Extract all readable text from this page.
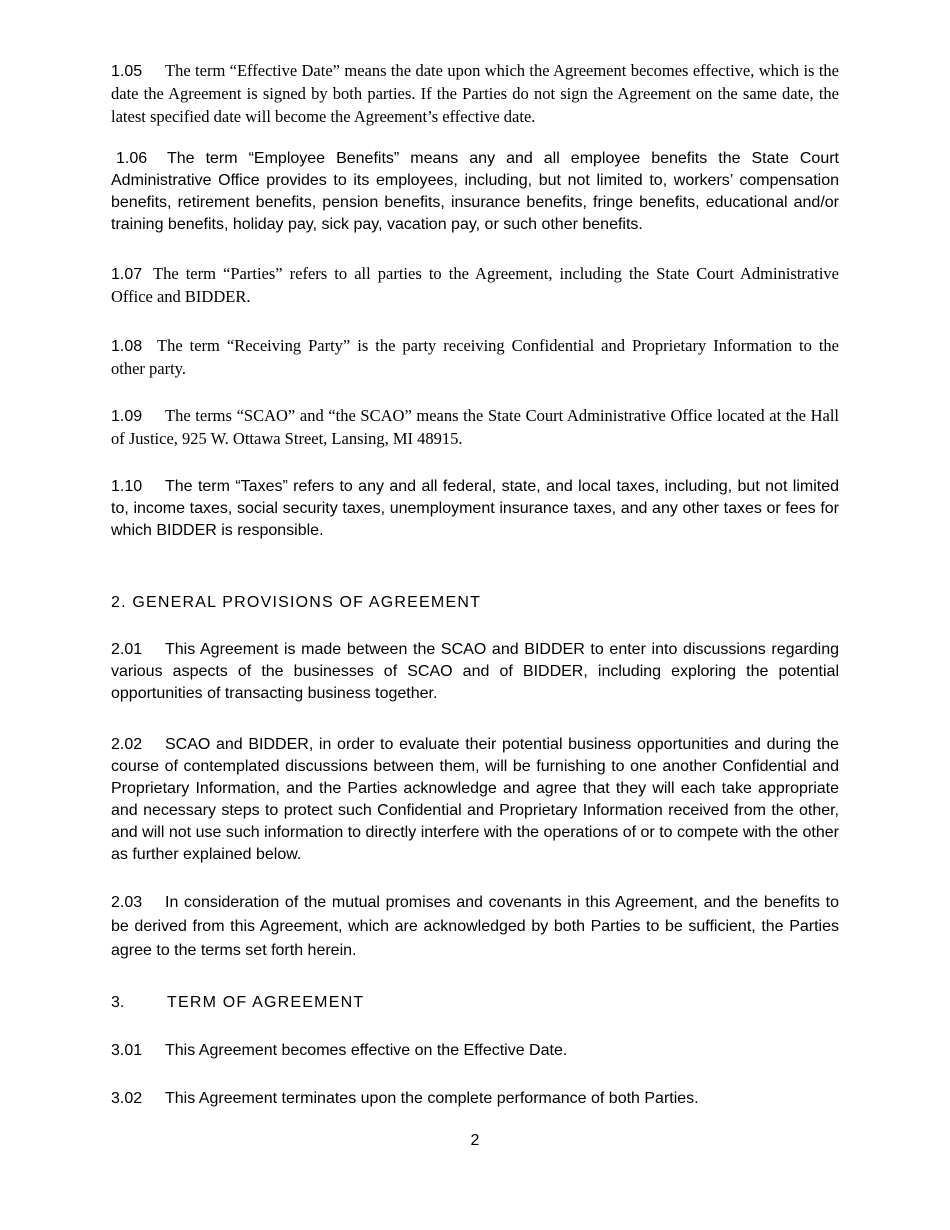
1.05 The term “Effective Date” means the date upon which the Agreement becomes effective, which is the date the Agreement is signed by both parties. If the Parties do not sign the Agreement on the same date, the latest specified date will become the Agreement’s effective date.
1.06 The term “Employee Benefits” means any and all employee benefits the State Court Administrative Office provides to its employees, including, but not limited to, workers’ compensation benefits, retirement benefits, pension benefits, insurance benefits, fringe benefits, educational and/or training benefits, holiday pay, sick pay, vacation pay, or such other benefits.
1.07 The term “Parties” refers to all parties to the Agreement, including the State Court Administrative Office and BIDDER.
1.08 The term “Receiving Party” is the party receiving Confidential and Proprietary Information to the other party.
1.09 The terms “SCAO” and “the SCAO” means the State Court Administrative Office located at the Hall of Justice, 925 W. Ottawa Street, Lansing, MI 48915.
1.10 The term “Taxes” refers to any and all federal, state, and local taxes, including, but not limited to, income taxes, social security taxes, unemployment insurance taxes, and any other taxes or fees for which BIDDER is responsible.
2. GENERAL PROVISIONS OF AGREEMENT
2.01 This Agreement is made between the SCAO and BIDDER to enter into discussions regarding various aspects of the businesses of SCAO and of BIDDER, including exploring the potential opportunities of transacting business together.
2.02 SCAO and BIDDER, in order to evaluate their potential business opportunities and during the course of contemplated discussions between them, will be furnishing to one another Confidential and Proprietary Information, and the Parties acknowledge and agree that they will each take appropriate and necessary steps to protect such Confidential and Proprietary Information received from the other, and will not use such information to directly interfere with the operations of or to compete with the other as further explained below.
2.03 In consideration of the mutual promises and covenants in this Agreement, and the benefits to be derived from this Agreement, which are acknowledged by both Parties to be sufficient, the Parties agree to the terms set forth herein.
3.	TERM OF AGREEMENT
3.01 This Agreement becomes effective on the Effective Date.
3.02 This Agreement terminates upon the complete performance of both Parties.
2
